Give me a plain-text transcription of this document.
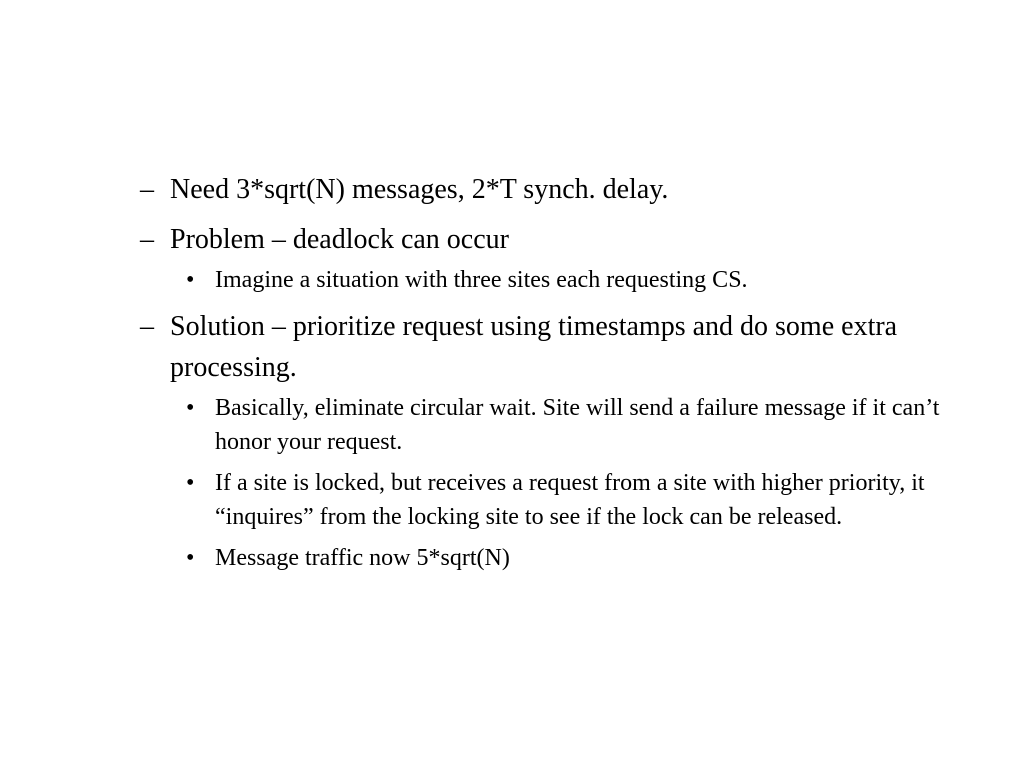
– Need 3*sqrt(N) messages, 2*T synch. delay.
– Problem – deadlock can occur
• Imagine a situation with three sites each requesting CS.
– Solution – prioritize request using timestamps and do some extra processing.
• Basically, eliminate circular wait. Site will send a failure message if it can’t honor your request.
• If a site is locked, but receives a request from a site with higher priority, it “inquires” from the locking site to see if the lock can be released.
• Message traffic now 5*sqrt(N)
